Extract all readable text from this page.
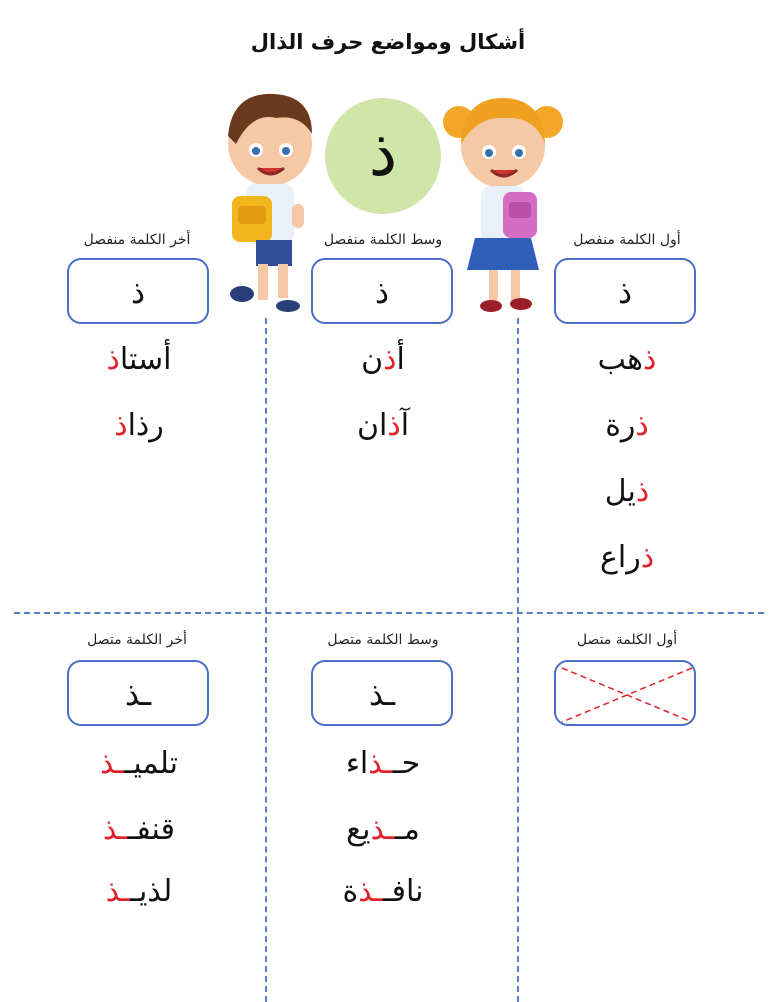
أشكال ومواضع حرف الذال
ذ
أول الكلمة منفصل
وسط الكلمة منفصل
أخر الكلمة منفصل
ذ
ذ
ذ
ذهب
ذرة
ذيل
ذراع
أذن
آذان
أستاذ
رذاذ
أول الكلمة متصل
وسط الكلمة متصل
أخر الكلمة متصل
ـذ
ـذ
حــذاء
مــذيع
نافــذة
تلميــذ
قنفــذ
لذيــذ
